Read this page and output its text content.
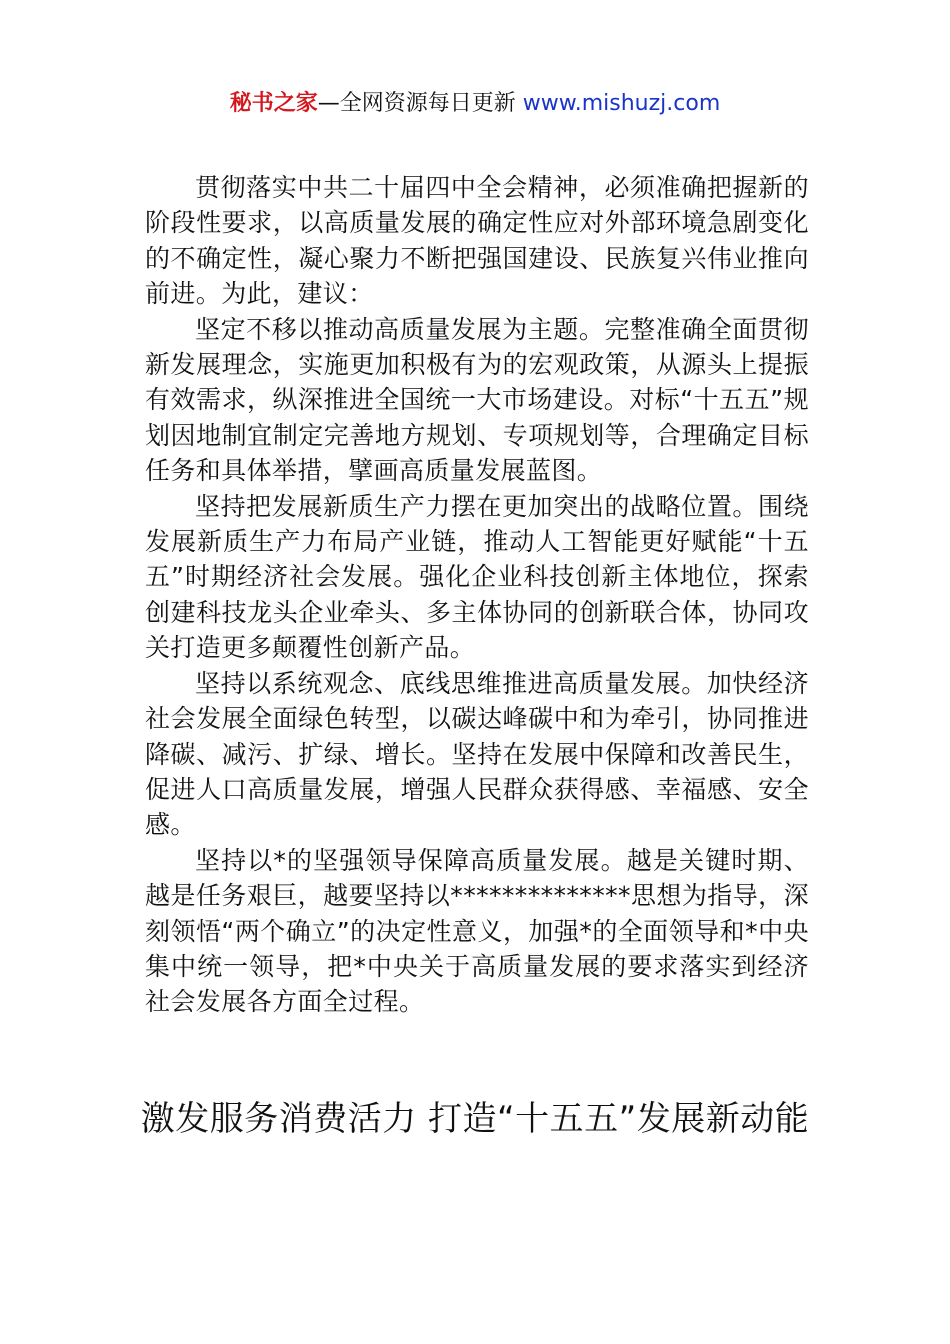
秘书之家—全网资源每日更新 www.mishuzj.com

贯彻落实中共二十届四中全会精神，必须准确把握新的阶段性要求，以高质量发展的确定性应对外部环境急剧变化的不确定性，凝心聚力不断把强国建设、民族复兴伟业推向前进。为此，建议：

坚定不移以推动高质量发展为主题。完整准确全面贯彻新发展理念，实施更加积极有为的宏观政策，从源头上提振有效需求，纵深推进全国统一大市场建设。对标“十五五”规划因地制宜制定完善地方规划、专项规划等，合理确定目标任务和具体举措，擘画高质量发展蓝图。

坚持把发展新质生产力摆在更加突出的战略位置。围绕发展新质生产力布局产业链，推动人工智能更好赋能“十五五”时期经济社会发展。强化企业科技创新主体地位，探索创建科技龙头企业牵头、多主体协同的创新联合体，协同攻关打造更多颠覆性创新产品。

坚持以系统观念、底线思维推进高质量发展。加快经济社会发展全面绿色转型，以碳达峰碳中和为牵引，协同推进降碳、减污、扩绿、增长。坚持在发展中保障和改善民生，促进人口高质量发展，增强人民群众获得感、幸福感、安全感。

坚持以*的坚强领导保障高质量发展。越是关键时期、越是任务艰巨，越要坚持以**************思想为指导，深刻领悟“两个确立”的决定性意义，加强*的全面领导和*中央集中统一领导，把*中央关于高质量发展的要求落实到经济社会发展各方面全过程。

激发服务消费活力 打造“十五五”发展新动能
